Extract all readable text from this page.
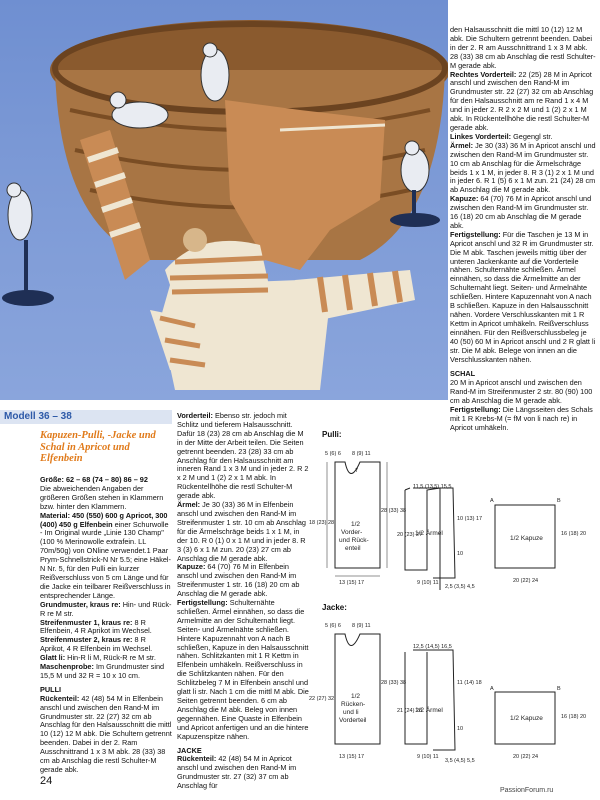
den Halsausschnitt die mittl 10 (12) 12 M abk. Die Schultern getrennt beenden. Dabei in der 2. R am Ausschnittrand 1 x 3 M abk. 28 (33) 38 cm ab Anschlag die restl Schulter-M gerade abk.

Rechtes Vorderteil: 22 (25) 28 M in Apricot anschl und zwischen den Rand-M im Grundmuster str. 22 (27) 32 cm ab Anschlag für den Halsausschnitt am re Rand 1 x 4 M und in jeder 2. R 2 x 2 M und 1 (2) 2 x 1 M abk. In Rückentellhöhe die restl Schulter-M gerade abk.

Linkes Vorderteil: Gegengl str.

Ärmel: Je 30 (33) 36 M in Apricot anschl und zwischen den Rand-M im Grundmuster str. 10 cm ab Anschlag für die Ärmelschräge beids 1 x 1 M, in jeder 8. R 3 (1) 2 x 1 M und in jeder 6. R 1 (5) 6 x 1 M zun. 21 (24) 28 cm ab Anschlag die M gerade abk.

Kapuze: 64 (70) 76 M in Apricot anschl und zwischen den Rand-M im Grundmuster str. 16 (18) 20 cm ab Anschlag die M gerade abk.

Fertigstellung: Für die Taschen je 13 M in Apricot anschl und 32 R im Grundmuster str. Die M abk. Taschen jeweils mittig über der unteren Jackenkante auf die Vorderteile nähen. Schulternähte schließen. Ärmel einnähen, so dass die Ärmelmitte an der Schulternaht liegt. Seiten- und Ärmelnähte schließen. Hintere Kapuzennaht von A nach B schließen. Kapuze in den Halsausschnitt nähen. Vordere Verschlusskanten mit 1 R Kettm in Apricot umhäkeln. Reißverschluss einnähen. Für den Reißverschlussbeleg je 40 (50) 60 M in Apricot anschl und 2 R glatt li str. Die M abk. Belege von innen an die Verschlusskanten nähen.

SCHAL

20 M in Apricot anschl und zwischen den Rand-M im Streifenmuster 2 str. 80 (90) 100 cm ab Anschlag die M gerade abk.

Fertigstellung: Die Längsseiten des Schals mit 1 R Krebs-M (= fM von li nach re) in Apricot umhäkeln.

Modell 36 – 38
Kapuzen-Pulli, -Jacke und Schal in Apricot und Elfenbein

Größe: 62 – 68 (74 – 80) 86 – 92

Die abweichenden Angaben der größeren Größen stehen in Klammern bzw. hinter den Klammern.

Material: 450 (550) 600 g Apricot, 300 (400) 450 g Elfenbein einer Schurwolle - Im Original wurde „Linie 130 Champ" (100 % Merinowolle extrafein. LL 70m/50g) von ONline verwendet.1 Paar Prym-Schnellstrick-N Nr 5.5; eine Häkel-N Nr. 5, für den Pulli ein kurzer Reißverschluss von 5 cm Länge und für die Jacke ein teilbarer Reißverschluss in entsprechender Länge.

Grundmuster, kraus re: Hin- und Rück-R re M str.

Streifenmuster 1, kraus re: 8 R Elfenbein, 4 R Aprikot im Wechsel.

Streifenmuster 2, kraus re: 8 R Aprikot, 4 R Elfenbein im Wechsel.

Glatt li: Hin-R li M, Rück-R re M str.

Maschenprobe: Im Grundmuster sind 15,5 M und 32 R = 10 x 10 cm.

PULLI

Rückenteil: 42 (48) 54 M in Elfenbein anschl und zwischen den Rand-M im Grundmuster str. 22 (27) 32 cm ab Anschlag für den Halsausschnitt die mittl 10 (12) 12 M abk. Die Schultern getrennt beenden. Dabei in der 2. Ram Ausschnittrand 1 x 3 M abk. 28 (33) 38 cm ab Anschlag die restl Schulter-M gerade abk.

Vorderteil: Ebenso str. jedoch mit Schlitz und tieferem Halsausschnitt. Dafür 18 (23) 28 cm ab Anschlag die M in der Mitte der Arbeit teilen. Die Seiten getrennt beenden. 23 (28) 33 cm ab Anschlag für den Halsausschnitt am inneren Rand 1 x 3 M und in jeder 2. R 2 x 2 M und 1 (2) 2 x 1 M abk. In Rückentellhöhe die restl Schulter-M gerade abk.

Ärmel: Je 30 (33) 36 M in Elfenbein anschl und zwischen den Rand-M im Streifenmuster 1 str. 10 cm ab Anschlag für die Ärmelschräge beids 1 x 1 M, in der 10. R 0 (1) 0 x 1 M und in jeder 8. R 3 (3) 6 x 1 M zun. 20 (23) 27 cm ab Anschlag die M gerade abk.

Kapuze: 64 (70) 76 M in Elfenbein anschl und zwischen den Rand-M im Streifenmuster 1 str. 16 (18) 20 cm ab Anschlag die M gerade abk.

Fertigstellung: Schulternähte schließen. Ärmel einnähen, so dass die Armelmitte an der Schulternaht liegt. Seiten- und Ärmelnähte schließen. Hintere Kapuzennaht von A nach B schließen, Kapuze in den Halsausschnitt nähen. Schlitzkanten mit 1 R Kettm in Elfenbein umhäkeln. Reißverschluss in die Schlitzkanten nähen. Für den Schlitzbeleg 7 M in Elfenbein anschl und glatt li str. Nach 1 cm die mittl M abk. Die Seiten getrennt beenden. 6 cm ab Anschlag die M abk. Beleg von innen gegennähen. Eine Quaste in Elfenbein und Apricot anfertigen und an die hintere Kapuzenspitze nähen.

JACKE

Rückenteil: 42 (48) 54 M in Apricot anschl und zwischen den Rand-M im Grundmuster str. 27 (32) 37 cm ab Anschlag für

Pulli:
Jacke:
5 (6) 6 8 (9) 11
7
1/2 Vorder-und Rück-enteil
18 (23) 28
28 (33) 38
13 (15) 17
11,5 (13,5) 15,5
1/2 Ärmel
20 (23) 27
10 (13) 17
10
9 (10) 11
2,5 (3,5) 4,5
1/2 Kapuze
16 (18) 20
A	B
20 (22) 24
5 (6) 6 8 (9) 11
1/2 Rücken-und li Vorderteil
22 (27) 32
28 (33) 38
13 (15) 17
12,5 (14,5) 16,5
1/2 Ärmel
21 (24) 28
11 (14) 18
10
9 (10) 11
3,5 (4,5) 5,5
1/2 Kapuze	16 (18) 20
A	B
20 (22) 24
24
PassionForum.ru
